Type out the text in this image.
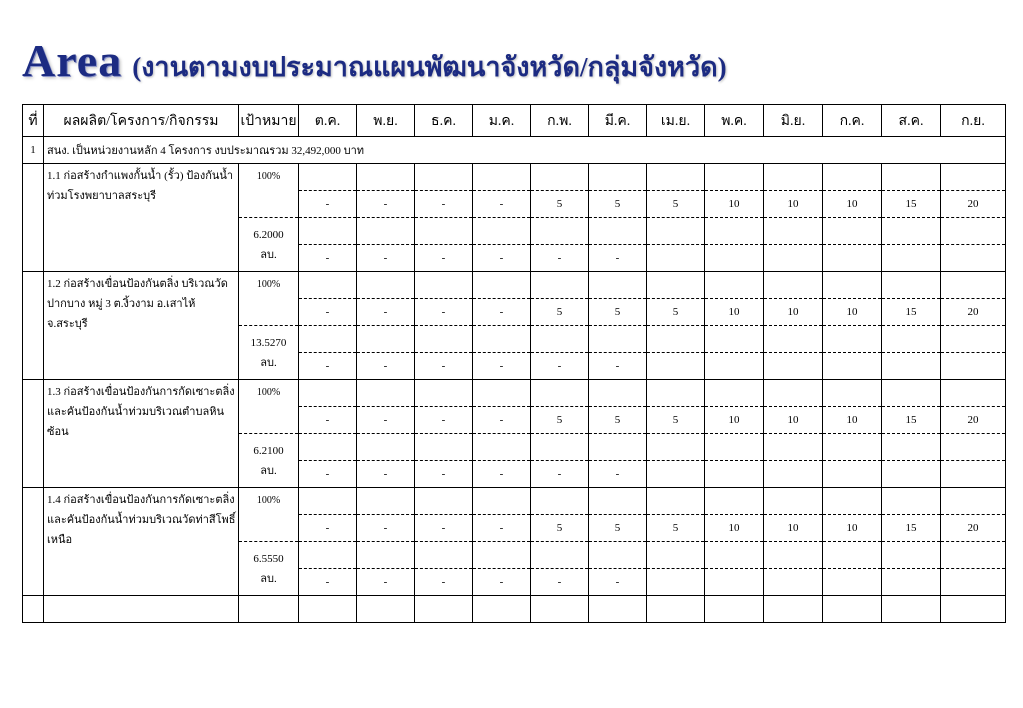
Area (งานตามงบประมาณแผนพัฒนาจังหวัด/กลุ่มจังหวัด)
ที่	ผลผลิต/โครงการ/กิจกรรม	เป้าหมาย	ต.ค.	พ.ย.	ธ.ค.	ม.ค.	ก.พ.	มี.ค.	เม.ย.	พ.ค.	มิ.ย.	ก.ค.	ส.ค.	ก.ย.
1	สนง. เป็นหน่วยงานหลัก 4 โครงการ งบประมาณรวม 32,492,000 บาท													
	1.1 ก่อสร้างกำแพงกั้นน้ำ (รั้ว) ป้องกันน้ำท่วมโรงพยาบาลสระบุรี	100%												
			-	-	-	-	5	5	5	10	10	10	15	20

		6.2000
ลบ.												

			-	-	-	-	-	-						
	1.2 ก่อสร้างเขื่อนป้องกันตลิ่ง บริเวณวัดปากบาง หมู่ 3 ต.งิ้วงาม อ.เสาไห้ จ.สระบุรี	100%												
			-	-	-	-	5	5	5	10	10	10	15	20

		13.5270
ลบ.												

			-	-	-	-	-	-						
	1.3 ก่อสร้างเขื่อนป้องกันการกัดเซาะตลิ่งและคันป้องกันน้ำท่วมบริเวณตำบลหินซ้อน	100%												
			-	-	-	-	5	5	5	10	10	10	15	20

		6.2100
ลบ.												

			-	-	-	-	-	-						
	1.4 ก่อสร้างเขื่อนป้องกันการกัดเซาะตลิ่งและคันป้องกันน้ำท่วมบริเวณวัดท่าสีโพธิ์เหนือ	100%												
			-	-	-	-	5	5	5	10	10	10	15	20

		6.5550
ลบ.												

			-	-	-	-	-	-						
